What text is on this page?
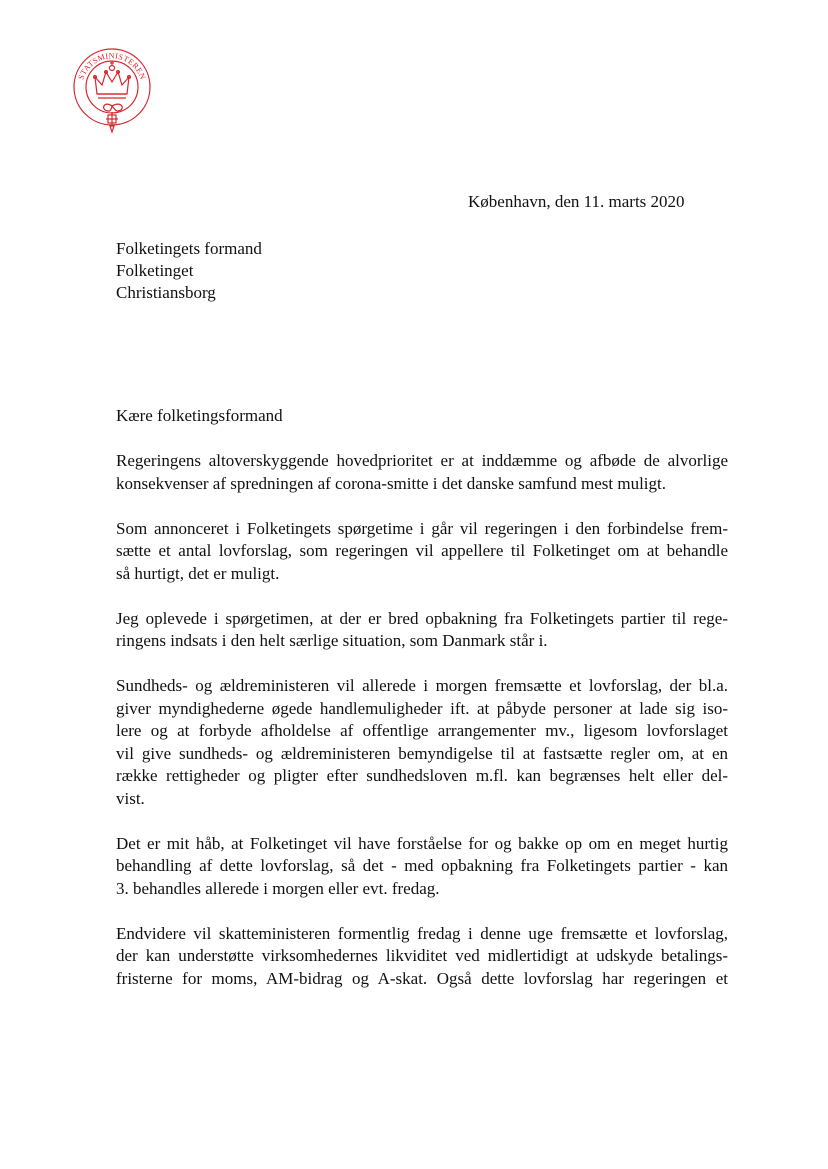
STATSMINISTEREN
København, den 11. marts 2020
Folketingets formand
Folketinget
Christiansborg

Kære folketingsformand

Regeringens altoverskyggende hovedprioritet er at inddæmme og afbøde de alvorlige

konsekvenser af spredningen af corona-smitte i det danske samfund mest muligt.

Som annonceret i Folketingets spørgetime i går vil regeringen i den forbindelse frem-

sætte et antal lovforslag, som regeringen vil appellere til Folketinget om at behandle

så hurtigt, det er muligt.

Jeg oplevede i spørgetimen, at der er bred opbakning fra Folketingets partier til rege-

ringens indsats i den helt særlige situation, som Danmark står i.

Sundheds- og ældreministeren vil allerede i morgen fremsætte et lovforslag, der bl.a.

giver myndighederne øgede handlemuligheder ift. at påbyde personer at lade sig iso-

lere og at forbyde afholdelse af offentlige arrangementer mv., ligesom lovforslaget

vil give sundheds- og ældreministeren bemyndigelse til at fastsætte regler om, at en

række rettigheder og pligter efter sundhedsloven m.fl. kan begrænses helt eller del-

vist.

Det er mit håb, at Folketinget vil have forståelse for og bakke op om en meget hurtig

behandling af dette lovforslag, så det - med opbakning fra Folketingets partier - kan

3. behandles allerede i morgen eller evt. fredag.

Endvidere vil skatteministeren formentlig fredag i denne uge fremsætte et lovforslag,

der kan understøtte virksomhedernes likviditet ved midlertidigt at udskyde betalings-

fristerne for moms, AM-bidrag og A-skat. Også dette lovforslag har regeringen et
